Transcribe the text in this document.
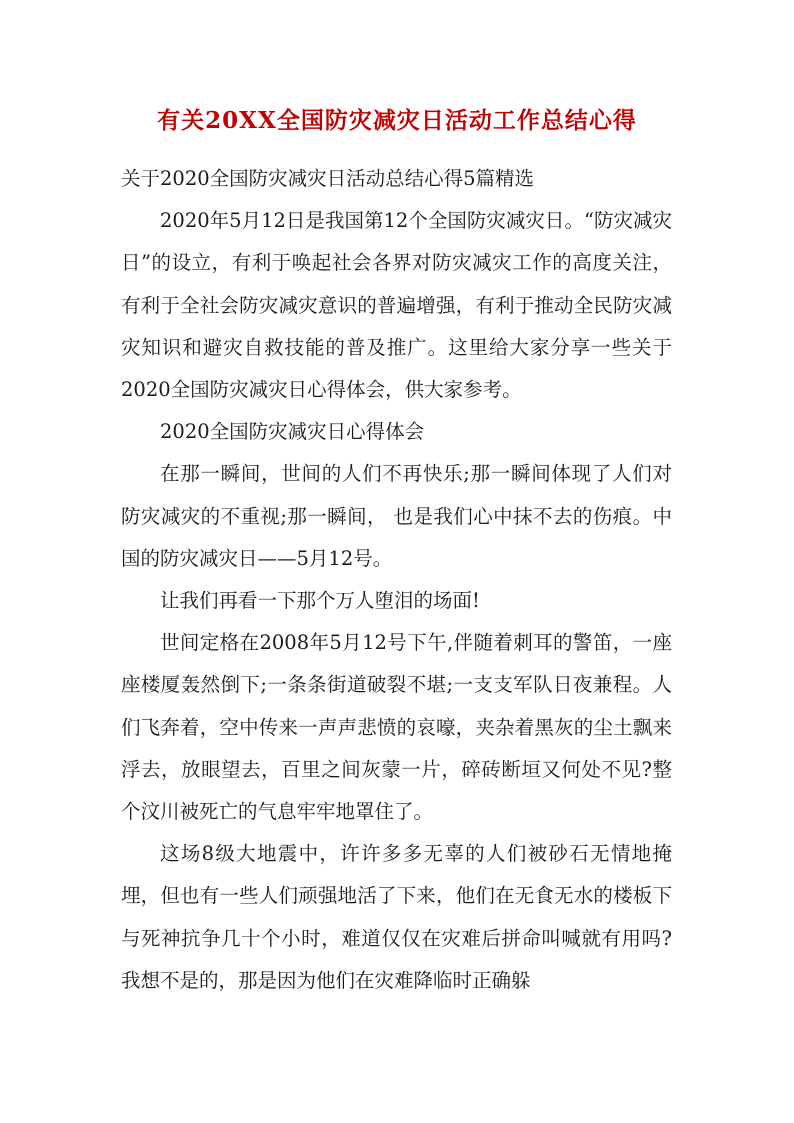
有关20XX全国防灾减灾日活动工作总结心得

关于2020全国防灾减灾日活动总结心得5篇精选

2020年5月12日是我国第12个全国防灾减灾日。“防灾减灾日”的设立，有利于唤起社会各界对防灾减灾工作的高度关注，有利于全社会防灾减灾意识的普遍增强，有利于推动全民防灾减灾知识和避灾自救技能的普及推广。这里给大家分享一些关于2020全国防灾减灾日心得体会，供大家参考。

2020全国防灾减灾日心得体会

在那一瞬间，世间的人们不再快乐;那一瞬间体现了人们对防灾减灾的不重视;那一瞬间， 也是我们心中抹不去的伤痕。中国的防灾减灾日——5月12号。

让我们再看一下那个万人堕泪的场面!

世间定格在2008年5月12号下午,伴随着刺耳的警笛，一座座楼厦轰然倒下;一条条街道破裂不堪;一支支军队日夜兼程。人们飞奔着，空中传来一声声悲愤的哀嚎，夹杂着黑灰的尘土飘来浮去，放眼望去，百里之间灰蒙一片，碎砖断垣又何处不见?整个汶川被死亡的气息牢牢地罩住了。

这场8级大地震中，许许多多无辜的人们被砂石无情地掩埋，但也有一些人们顽强地活了下来，他们在无食无水的楼板下与死神抗争几十个小时，难道仅仅在灾难后拼命叫喊就有用吗?我想不是的，那是因为他们在灾难降临时正确躲
